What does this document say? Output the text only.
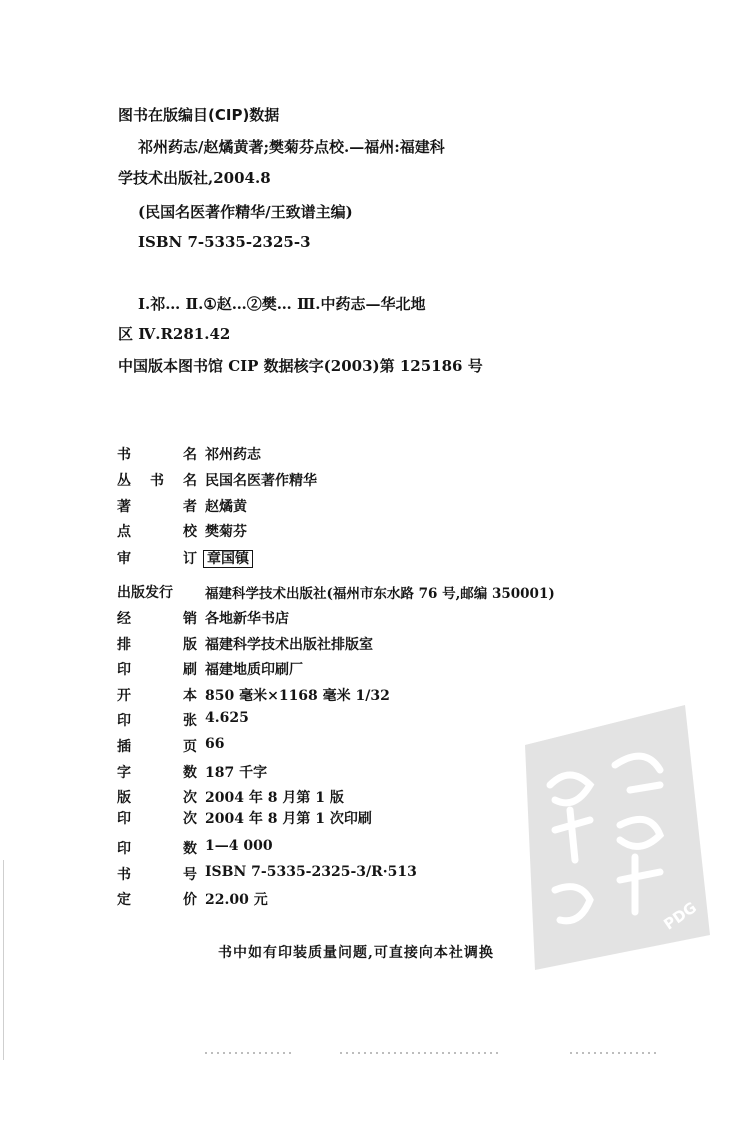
图书在版编目(CIP)数据
祁州药志/赵燏黄著;樊菊芬点校.—福州:福建科
学技术出版社,2004.8
(民国名医著作精华/王致谱主编)
ISBN 7-5335-2325-3
Ⅰ.祁… Ⅱ.①赵…②樊… Ⅲ.中药志—华北地
区 Ⅳ.R281.42
中国版本图书馆 CIP 数据核字(2003)第 125186 号
书	名 祁州药志
丛 书 名 民国名医著作精华
著	者 赵燏黄
点	校 樊菊芬
审	订 章国镇
出版发行 福建科学技术出版社(福州市东水路 76 号,邮编 350001)
经	销 各地新华书店
排	版 福建科学技术出版社排版室
印	刷 福建地质印刷厂
开	本 850 毫米×1168 毫米 1/32
印	张 4.625
插	页 66
字	数 187 千字
版	次 2004 年 8 月第 1 版
印	次 2004 年 8 月第 1 次印刷
印	数 1—4 000
书	号 ISBN 7-5335-2325-3/R·513
定	价 22.00 元	PDG
书中如有印装质量问题,可直接向本社调换
